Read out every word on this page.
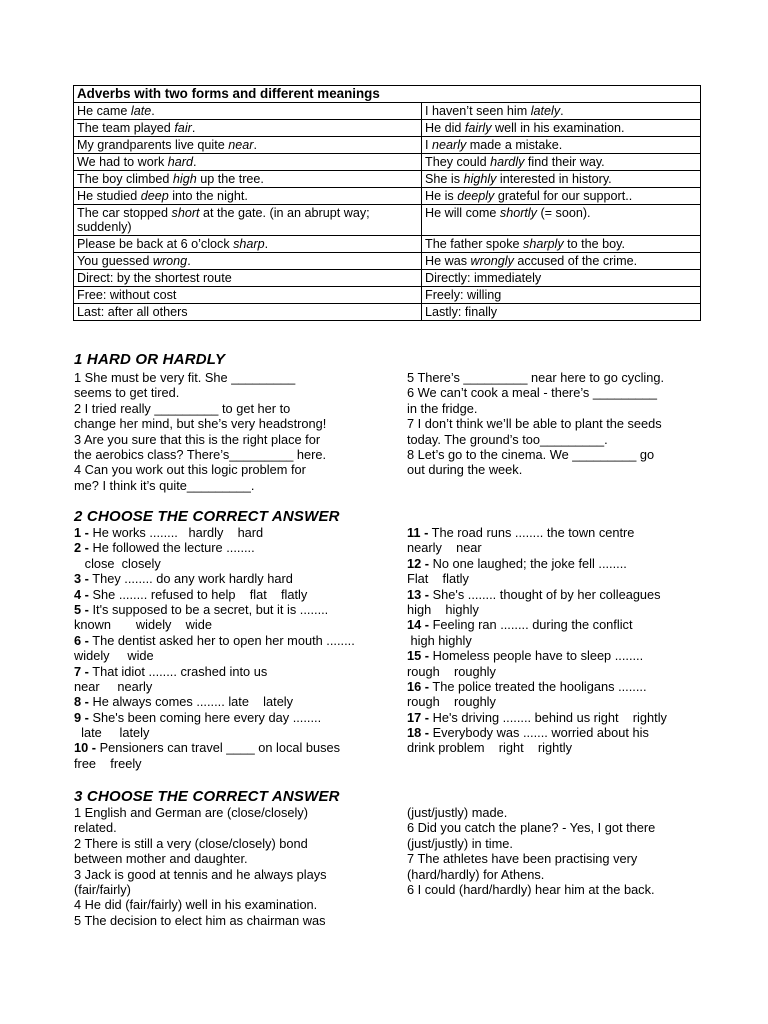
Adverbs with two forms and different meanings	
He came late.	I haven’t seen him lately.
The team played fair.	He did fairly well in his examination.
My grandparents live quite near.	I nearly made a mistake.
We had to work hard.	They could hardly find their way.
The boy climbed high up the tree.	She is highly interested in history.
He studied deep into the night.	He is deeply grateful for our support..
The car stopped short at the gate. (in an abrupt way; suddenly)	He will come shortly (= soon).
Please be back at 6 o’clock sharp.	The father spoke sharply to the boy.
You guessed wrong.	He was wrongly accused of the crime.
Direct: by the shortest route	Directly: immediately
Free: without cost	Freely: willing
Last: after all others	Lastly: finally
1 HARD OR HARDLY
1 She must be very fit. She _________
seems to get tired.
2 I tried really _________ to get her to
change her mind, but she’s very headstrong!
3 Are you sure that this is the right place for
the aerobics class? There’s_________ here.
4 Can you work out this logic problem for
me? I think it’s quite_________.
5 There’s _________ near here to go cycling.
6 We can’t cook a meal - there’s _________
in the fridge.
7 I don’t think we’ll be able to plant the seeds
today. The ground’s too_________.
8 Let’s go to the cinema. We _________ go
out during the week.
2 CHOOSE THE CORRECT ANSWER
1 - He works ........   hardly    hard
2 - He followed the lecture ........
close  closely
3 - They ........ do any work hardly hard
4 - She ........ refused to help    flat    flatly
5 - It's supposed to be a secret, but it is ........
known       widely    wide
6 - The dentist asked her to open her mouth ........
widely     wide
7 - That idiot ........ crashed into us
near     nearly
8 - He always comes ........ late    lately
9 - She's been coming here every day ........
late     lately
10 - Pensioners can travel ____ on local buses
free    freely
11 - The road runs ........ the town centre
nearly    near
12 - No one laughed; the joke fell ........
Flat    flatly
13 - She's ........ thought of by her colleagues
high    highly
14 - Feeling ran ........ during the conflict
high highly
15 - Homeless people have to sleep ........
rough    roughly
16 - The police treated the hooligans ........
rough    roughly
17 - He's driving ........ behind us right    rightly
18 - Everybody was ....... worried about his
drink problem    right    rightly
3 CHOOSE THE CORRECT ANSWER
1 English and German are (close/closely)
related.
2 There is still a very (close/closely) bond
between mother and daughter.
3 Jack is good at tennis and he always plays
(fair/fairly)
4 He did (fair/fairly) well in his examination.
5 The decision to elect him as chairman was
(just/justly) made.
6 Did you catch the plane? - Yes, I got there
(just/justly) in time.
7 The athletes have been practising very
(hard/hardly) for Athens.
6 I could (hard/hardly) hear him at the back.
